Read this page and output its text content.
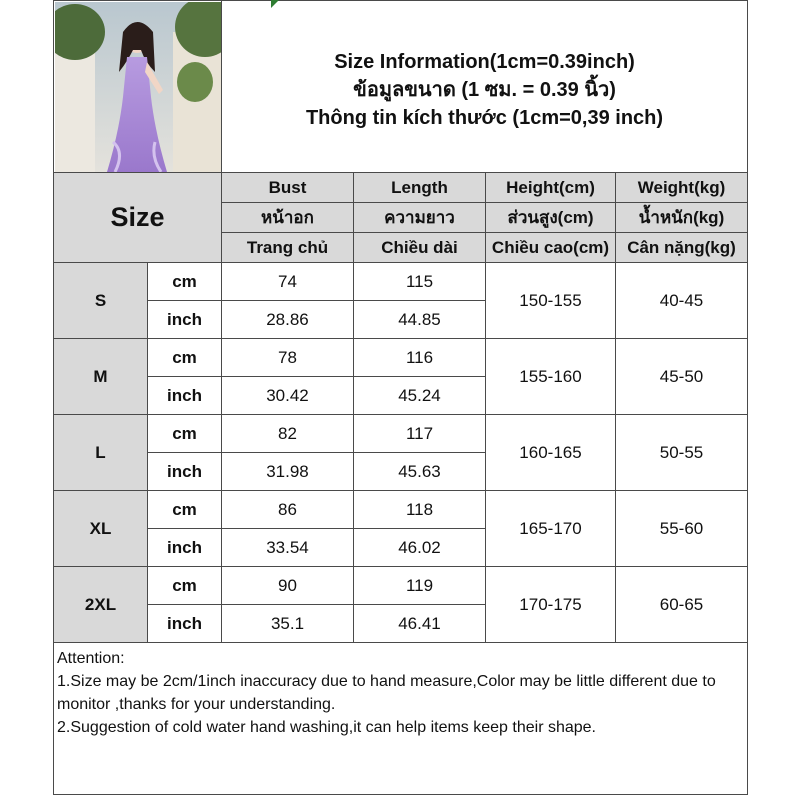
Size Information(1cm=0.39inch)
ข้อมูลขนาด (1 ซม. = 0.39 นิ้ว)
Thông tin kích thước (1cm=0,39 inch)			

Size		Bust	Length	Height(cm)	Weight(kg)
		หน้าอก	ความยาว	ส่วนสูง(cm)	น้ำหนัก(kg)
		Trang chủ	Chiều dài	Chiều cao(cm)	Cân nặng(kg)
S	cm	74	115	150-155	40-45
	inch	28.86	44.85		
M	cm	78	116	155-160	45-50
	inch	30.42	45.24		
L	cm	82	117	160-165	50-55
	inch	31.98	45.63		
XL	cm	86	118	165-170	55-60
	inch	33.54	46.02		
2XL	cm	90	119	170-175	60-65
	inch	35.1	46.41		

Attention:
1.Size may be 2cm/1inch inaccuracy due to hand measure,Color may be little different due to monitor ,thanks for your understanding.
2.Suggestion of cold water hand washing,it can help items keep their shape.					
